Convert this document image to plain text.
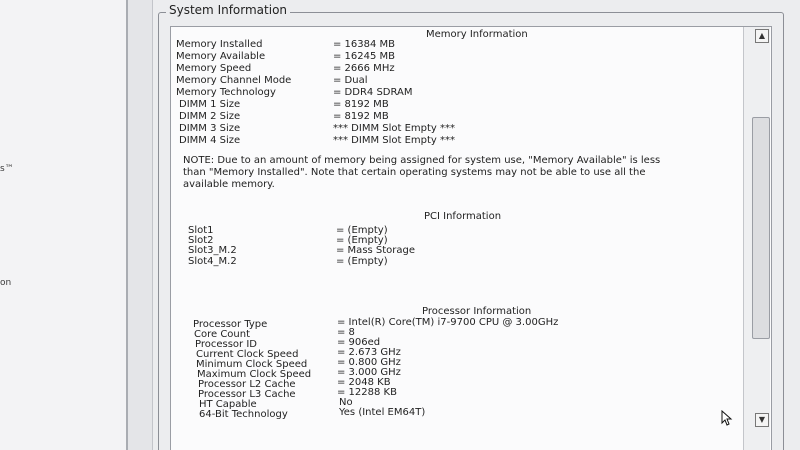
s™
on
System Information
Memory Information
Memory Installed	= 16384 MB
Memory Available	= 16245 MB
Memory Speed	= 2666 MHz
Memory Channel Mode	= Dual
Memory Technology	= DDR4 SDRAM
DIMM 1 Size	= 8192 MB
DIMM 2 Size	= 8192 MB
DIMM 3 Size	*** DIMM Slot Empty ***
DIMM 4 Size	*** DIMM Slot Empty ***
NOTE: Due to an amount of memory being assigned for system use, "Memory Available" is less than "Memory Installed". Note that certain operating systems may not be able to use all the available memory.
PCI Information
Slot1	= (Empty)
Slot2	= (Empty)
Slot3_M.2	= Mass Storage
Slot4_M.2	= (Empty)
Processor Information
Processor Type	= Intel(R) Core(TM) i7-9700 CPU @ 3.00GHz
Core Count	= 8
Processor ID	= 906ed
Current Clock Speed	= 2.673 GHz
Minimum Clock Speed	= 0.800 GHz
Maximum Clock Speed	= 3.000 GHz
Processor L2 Cache	= 2048 KB
Processor L3 Cache	= 12288 KB
HT Capable	No
64-Bit Technology	Yes (Intel EM64T)
▲
▼
